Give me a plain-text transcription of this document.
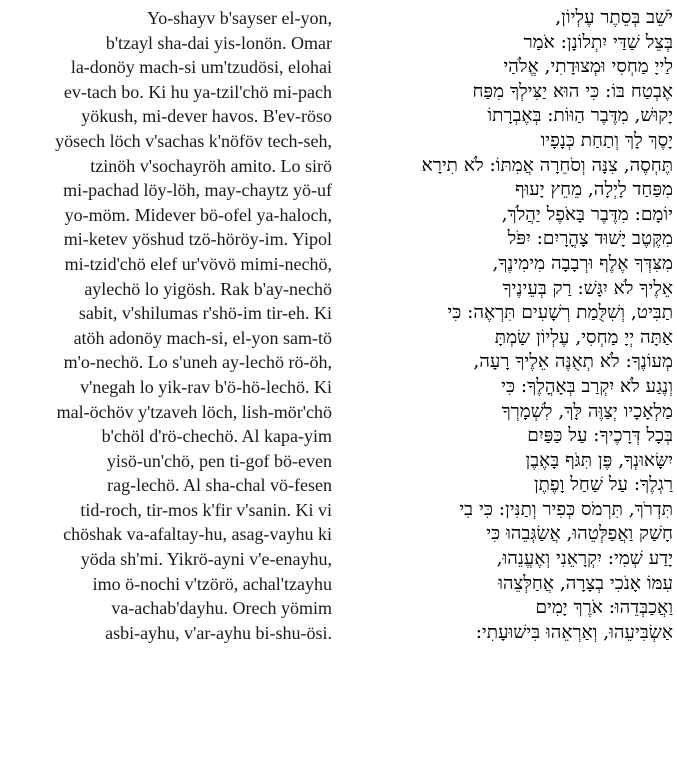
Yo-shayv b'sayser el-yon,
b'tzayl sha-dai yis-lonön. Omar
la-donöy mach-si um'tzudösi, elohai
ev-tach bo. Ki hu ya-tzil'chö mi-pach
yökush, mi-dever havos. B'ev-röso
yösech löch v'sachas k'nöföv tech-seh,
tzinöh v'sochayröh amito. Lo sirö
mi-pachad löy-löh, may-chaytz yö-uf
yo-möm. Midever bö-ofel ya-haloch,
mi-ketev yöshud tzö-höröy-im. Yipol
mi-tzid'chö elef ur'vövö mimi-nechö,
aylechö lo yigösh. Rak b'ay-nechö
sabit, v'shilumas r'shö-im tir-eh. Ki
atöh adonöy mach-si, el-yon sam-tö
m'o-nechö. Lo s'uneh ay-lechö rö-öh,
v'negah lo yik-rav b'ö-hö-lechö. Ki
mal-öchöv y'tzaveh löch, lish-mör'chö
b'chöl d'rö-chechö. Al kapa-yim
yisö-un'chö, pen ti-gof bö-even
rag-lechö. Al sha-chal vö-fesen
tid-roch, tir-mos k'fir v'sanin. Ki vi
chöshak va-afaltay-hu, asag-vayhu ki
yöda sh'mi. Yikrö-ayni v'e-enayhu,
imo ö-nochi v'tzörö, achal'tzayhu
va-achab'dayhu. Orech yömim
asbi-ayhu, v'ar-ayhu bi-shu-ösi.
יֹשֵׁב בְּסֵתֶר עֶלְיוֹן,
בְּצֵל שַׁדַּי יִתְלוֹנָן: אֹמַר
לַייָ מַחְסִי וּמְצוּדָתִי, אֱלֹהַי
אֶבְטַח בּוֹ: כִּי הוּא יַצִּילְךָ מִפַּח
יָקוּשׁ, מִדֶּבֶר הַוּוֹת: בְּאֶבְרָתוֹ
יָסֶךְ לָךְ וְתַחַת כְּנָפָיו
תֶּחְסֶה, צִנָּה וְסֹחֵרָה אֲמִתּוֹ: לֹא תִירָא
מִפַּחַד לָיְלָה, מֵחֵץ יָעוּף
יוֹמָם: מִדֶּבֶר בָּאֹפֶל יַהֲלֹךְ,
מִקֶּטֶב יָשׁוּד צָהֳרָיִם: יִפֹּל
מִצִּדְּךָ אֶלֶף וּרְבָבָה מִימִינֶךָ,
אֵלֶיךָ לֹא יִגָּשׁ: רַק בְּעֵינֶיךָ
תַבִּיט, וְשִׁלֻּמַת רְשָׁעִים תִּרְאֶה: כִּי
אַתָּה יְיָ מַחְסִי, עֶלְיוֹן שַׂמְתָּ
מְעוֹנֶךָ: לֹא תְאֻנֶּה אֵלֶיךָ רָעָה,
וְנֶגַע לֹא יִקְרַב בְּאָהֳלֶךָ: כִּי
מַלְאָכָיו יְצַוֶּה לָּךְ, לִשְׁמָרְךָ
בְּכָל דְּרָכֶיךָ: עַל כַּפַּיִם
יִשָּׂאוּנְךָ, פֶּן תִּגֹּף בָּאֶבֶן
רַגְלֶךָ: עַל שַׁחַל וָפֶתֶן
תִּדְרֹךְ, תִּרְמֹס כְּפִיר וְתַנִּין: כִּי בִי
חָשַׁק וַאֲפַלְּטֵהוּ, אֲשַׂגְּבֵהוּ כִּי
יָדַע שְׁמִי: יִקְרָאֵנִי וְאֶעֱנֵהוּ,
עִמּוֹ אָנֹכִי בְצָרָה, אֲחַלְּצֵהוּ
וַאֲכַבְּדֵהוּ: אֹרֶךְ יָמִים
אַשְׂבִּיעֵהוּ, וְאַרְאֵהוּ בִּישׁוּעָתִי:
